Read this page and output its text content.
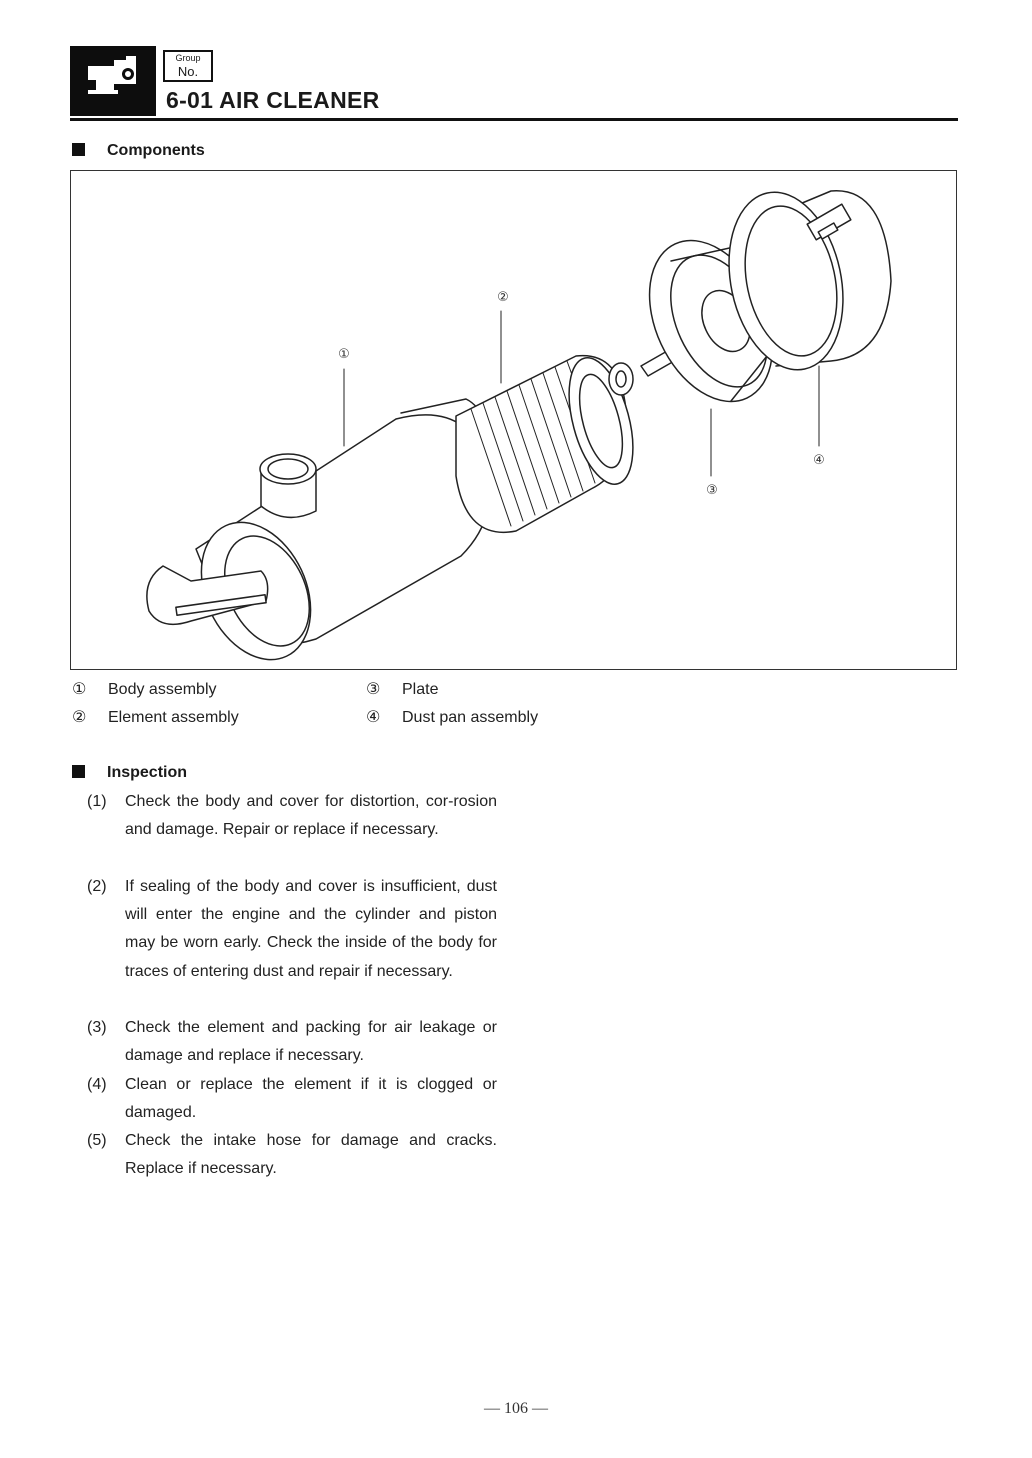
Group
No.
6-01 AIR CLEANER
Components
①
②
③
④
① Body assembly
② Element assembly
③ Plate
④ Dust pan assembly
Inspection
(1)	Check the body and cover for distortion, cor-rosion and damage. Repair or replace if necessary.
(2)	If sealing of the body and cover is insufficient, dust will enter the engine and the cylinder and piston may be worn early. Check the inside of the body for traces of entering dust and repair if necessary.
(3)	Check the element and packing for air leakage or damage and replace if necessary.
(4)	Clean or replace the element if it is clogged or damaged.
(5)	Check the intake hose for damage and cracks. Replace if necessary.
— 106 —
